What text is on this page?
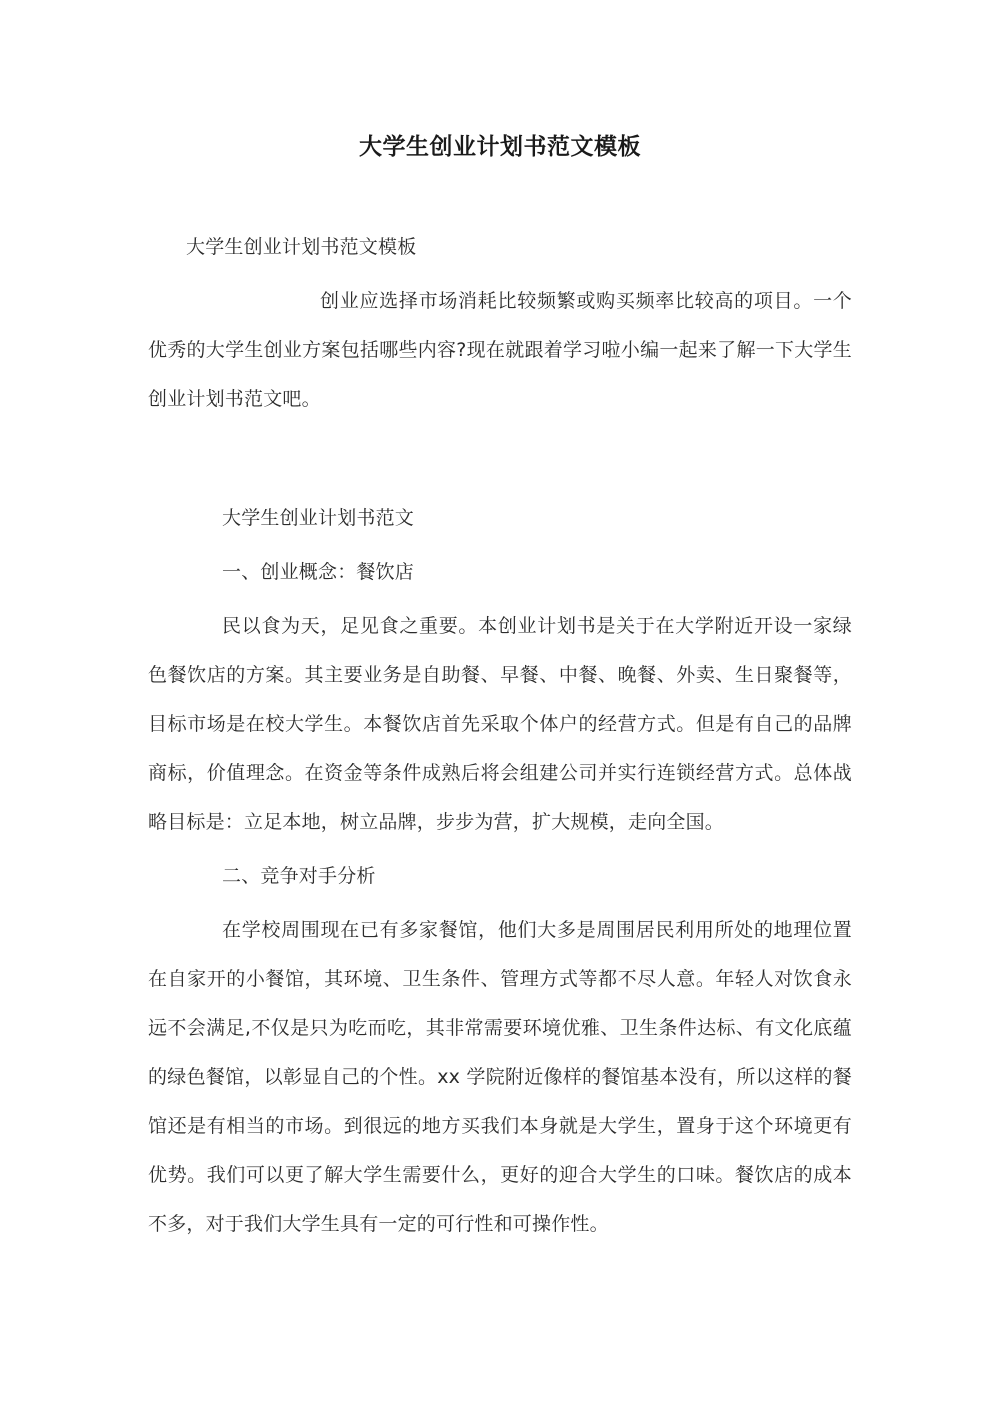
大学生创业计划书范文模板

大学生创业计划书范文模板

创业应选择市场消耗比较频繁或购买频率比较高的项目。一个优秀的大学生创业方案包括哪些内容?现在就跟着学习啦小编一起来了解一下大学生创业计划书范文吧。

大学生创业计划书范文

一、创业概念：餐饮店

民以食为天，足见食之重要。本创业计划书是关于在大学附近开设一家绿色餐饮店的方案。其主要业务是自助餐、早餐、中餐、晚餐、外卖、生日聚餐等，目标市场是在校大学生。本餐饮店首先采取个体户的经营方式。但是有自己的品牌商标，价值理念。在资金等条件成熟后将会组建公司并实行连锁经营方式。总体战略目标是：立足本地，树立品牌，步步为营，扩大规模，走向全国。

二、竞争对手分析

在学校周围现在已有多家餐馆，他们大多是周围居民利用所处的地理位置在自家开的小餐馆，其环境、卫生条件、管理方式等都不尽人意。年轻人对饮食永远不会满足,不仅是只为吃而吃，其非常需要环境优雅、卫生条件达标、有文化底蕴的绿色餐馆，以彰显自己的个性。xx 学院附近像样的餐馆基本没有，所以这样的餐馆还是有相当的市场。到很远的地方买我们本身就是大学生，置身于这个环境更有优势。我们可以更了解大学生需要什么，更好的迎合大学生的口味。餐饮店的成本不多，对于我们大学生具有一定的可行性和可操作性。
